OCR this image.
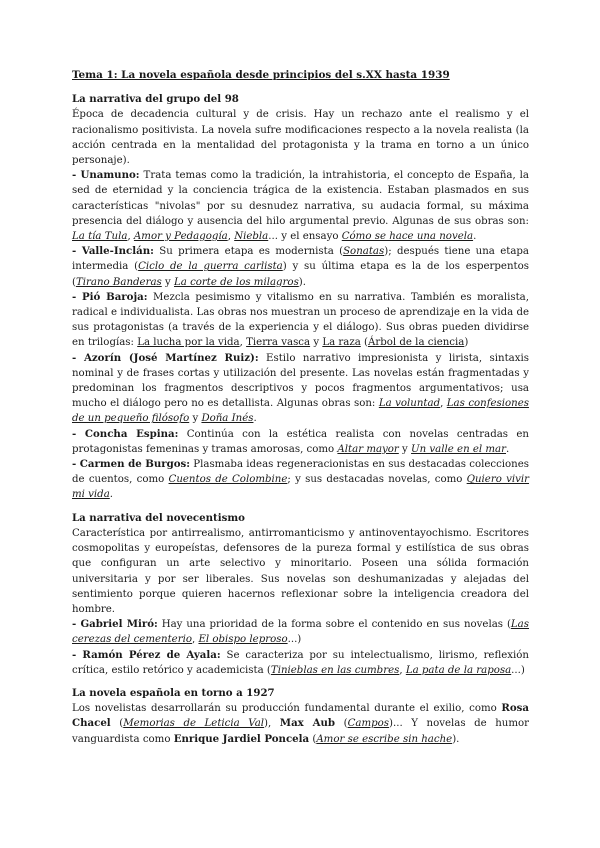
Tema 1: La novela española desde principios del s.XX hasta 1939
La narrativa del grupo del 98

Época de decadencia cultural y de crisis. Hay un rechazo ante el realismo y el racionalismo positivista. La novela sufre modificaciones respecto a la novela realista (la acción centrada en la mentalidad del protagonista y la trama en torno a un único personaje).

- Unamuno: Trata temas como la tradición, la intrahistoria, el concepto de España, la sed de eternidad y la conciencia trágica de la existencia. Estaban plasmados en sus características "nivolas" por su desnudez narrativa, su audacia formal, su máxima presencia del diálogo y ausencia del hilo argumental previo. Algunas de sus obras son: La tía Tula, Amor y Pedagogía, Niebla... y el ensayo Cómo se hace una novela.

- Valle-Inclán: Su primera etapa es modernista (Sonatas); después tiene una etapa intermedia (Ciclo de la guerra carlista) y su última etapa es la de los esperpentos (Tirano Banderas y La corte de los milagros).

- Pió Baroja: Mezcla pesimismo y vitalismo en su narrativa. También es moralista, radical e individualista. Las obras nos muestran un proceso de aprendizaje en la vida de sus protagonistas (a través de la experiencia y el diálogo). Sus obras pueden dividirse en trilogías: La lucha por la vida, Tierra vasca y La raza (Árbol de la ciencia)

- Azorín (José Martínez Ruiz): Estilo narrativo impresionista y lirista, sintaxis nominal y de frases cortas y utilización del presente. Las novelas están fragmentadas y predominan los fragmentos descriptivos y pocos fragmentos argumentativos; usa mucho el diálogo pero no es detallista. Algunas obras son: La voluntad, Las confesiones de un pequeño filósofo y Doña Inés.

- Concha Espina: Continúa con la estética realista con novelas centradas en protagonistas femeninas y tramas amorosas, como Altar mayor y Un valle en el mar.

- Carmen de Burgos: Plasmaba ideas regeneracionistas en sus destacadas colecciones de cuentos, como Cuentos de Colombine; y sus destacadas novelas, como Quiero vivir mi vida.

La narrativa del novecentismo

Característica por antirrealismo, antirromanticismo y antinoventayochismo. Escritores cosmopolitas y europeístas, defensores de la pureza formal y estilística de sus obras que configuran un arte selectivo y minoritario. Poseen una sólida formación universitaria y por ser liberales. Sus novelas son deshumanizadas y alejadas del sentimiento porque quieren hacernos reflexionar sobre la inteligencia creadora del hombre.

- Gabriel Miró: Hay una prioridad de la forma sobre el contenido en sus novelas (Las cerezas del cementerio, El obispo leproso...)

- Ramón Pérez de Ayala: Se caracteriza por su intelectualismo, lirismo, reflexión crítica, estilo retórico y academicista (Tinieblas en las cumbres, La pata de la raposa...)

La novela española en torno a 1927

Los novelistas desarrollarán su producción fundamental durante el exilio, como Rosa Chacel (Memorias de Leticia Val), Max Aub (Campos)... Y novelas de humor vanguardista como Enrique Jardiel Poncela (Amor se escribe sin hache).
